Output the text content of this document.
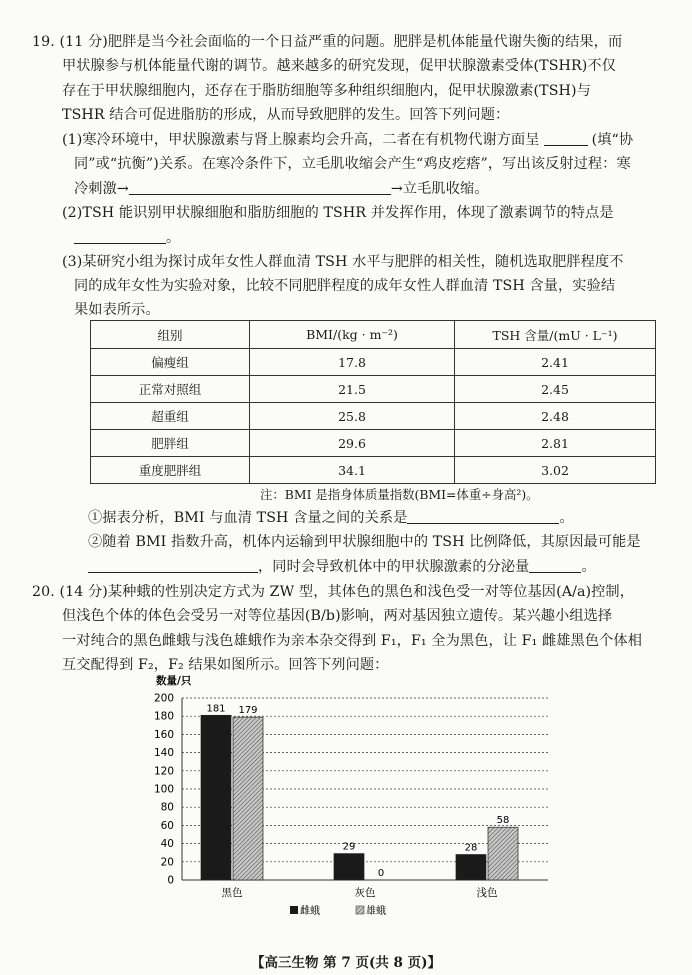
19. (11 分)肥胖是当今社会面临的一个日益严重的问题。肥胖是机体能量代谢失衡的结果，而
甲状腺参与机体能量代谢的调节。越来越多的研究发现，促甲状腺激素受体(TSHR)不仅
存在于甲状腺细胞内，还存在于脂肪细胞等多种组织细胞内，促甲状腺激素(TSH)与
TSHR 结合可促进脂肪的形成，从而导致肥胖的发生。回答下列问题：
(1)寒冷环境中，甲状腺激素与肾上腺素均会升高，二者在有机物代谢方面呈	(填“协
同”或“抗衡”)关系。在寒冷条件下，立毛肌收缩会产生“鸡皮疙瘩”，写出该反射过程：寒
冷刺激→	→立毛肌收缩。
(2)TSH 能识别甲状腺细胞和脂肪细胞的 TSHR 并发挥作用，体现了激素调节的特点是
。
(3)某研究小组为探讨成年女性人群血清 TSH 水平与肥胖的相关性，随机选取肥胖程度不
同的成年女性为实验对象，比较不同肥胖程度的成年女性人群血清 TSH 含量，实验结
果如表所示。
组别	BMI/(kg · m⁻²)	TSH 含量/(mU · L⁻¹)
偏瘦组	17.8	2.41
正常对照组	21.5	2.45
超重组	25.8	2.48
肥胖组	29.6	2.81
重度肥胖组	34.1	3.02
注：BMI 是指身体质量指数(BMI=体重÷身高²)。
①据表分析，BMI 与血清 TSH 含量之间的关系是	。
②随着 BMI 指数升高，机体内运输到甲状腺细胞中的 TSH 比例降低，其原因最可能是
，同时会导致机体中的甲状腺激素的分泌量	。
20. (14 分)某种蛾的性别决定方式为 ZW 型，其体色的黑色和浅色受一对等位基因(A/a)控制，
但浅色个体的体色会受另一对等位基因(B/b)影响，两对基因独立遗传。某兴趣小组选择
一对纯合的黑色雌蛾与浅色雄蛾作为亲本杂交得到 F₁，F₁ 全为黑色，让 F₁ 雌雄黑色个体相
互交配得到 F₂，F₂ 结果如图所示。回答下列问题：
数量/只
0
20
40
60
80
100
120
140
160
180
200
181 179
29
0
28
58
黑色	灰色	浅色
雌蛾	雄蛾
【高三生物 第 7 页(共 8 页)】
